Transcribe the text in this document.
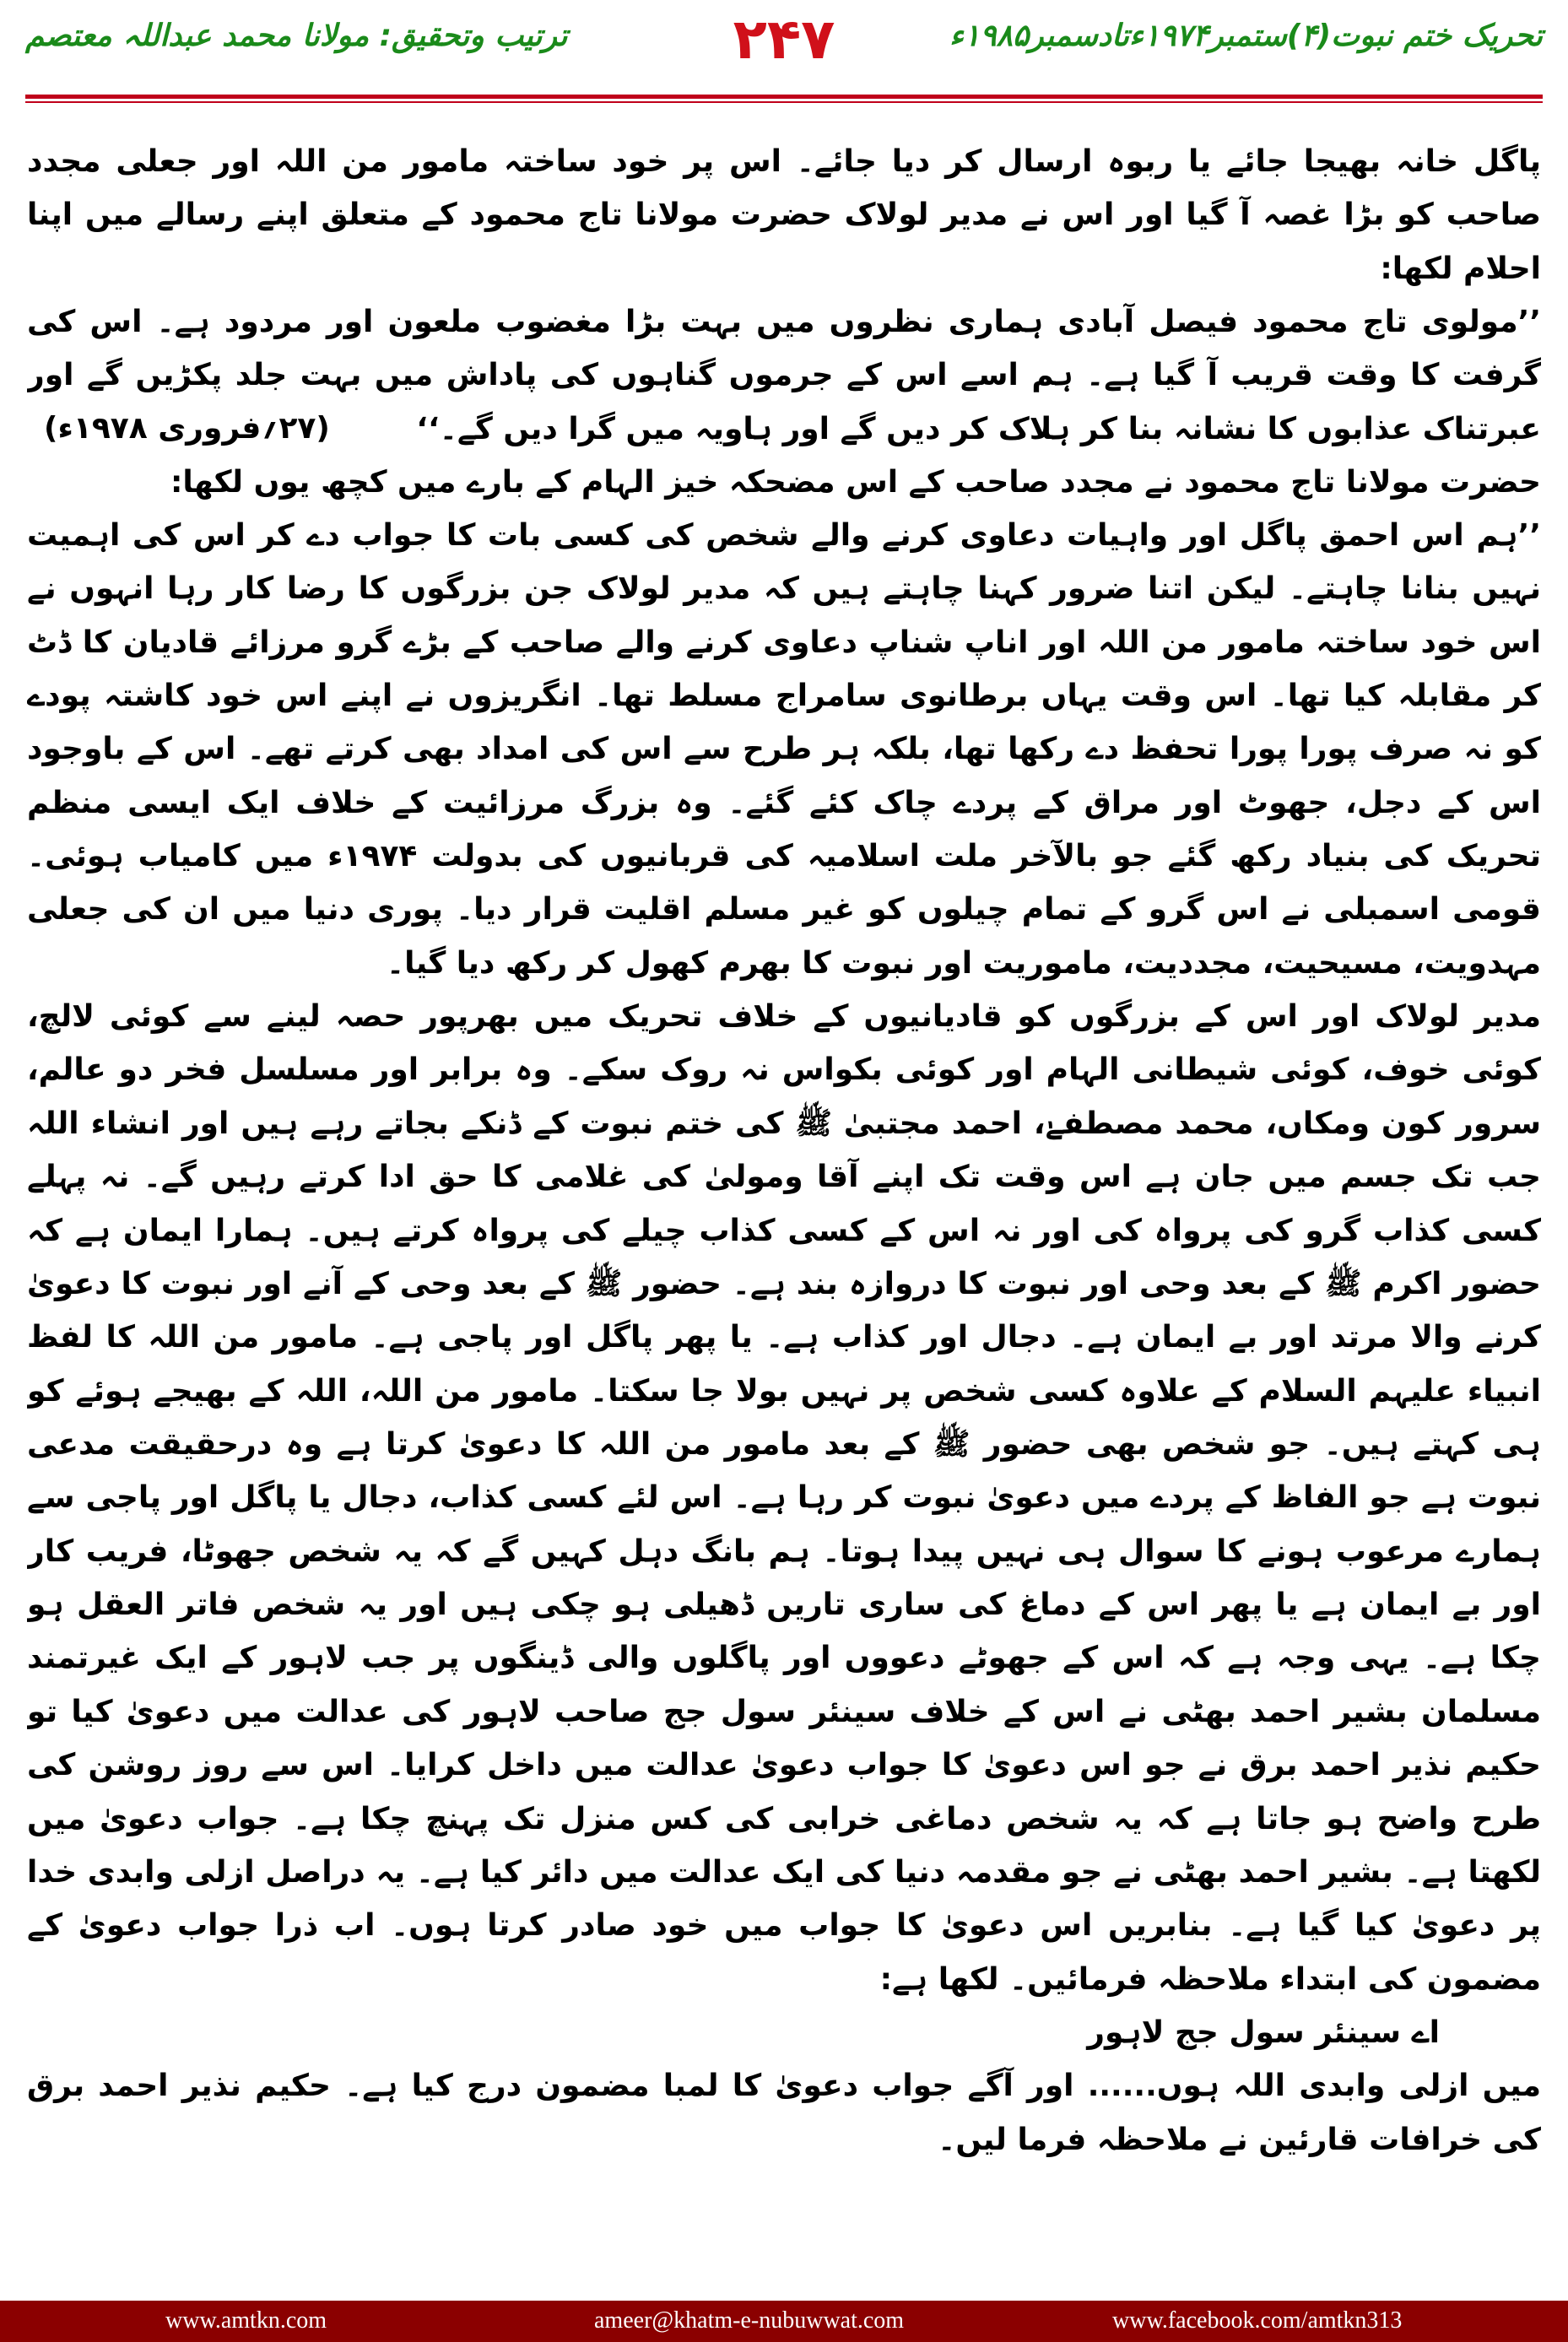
تحریک ختم نبوت(۴)ستمبر۱۹۷۴ءتادسمبر۱۹۸۵ء
۲۴۷
ترتیب وتحقیق: مولانا محمد عبداللہ معتصم

پاگل خانہ بھیجا جائے یا ربوہ ارسال کر دیا جائے۔ اس پر خود ساختہ مامور من اللہ اور جعلی مجدد صاحب کو بڑا غصہ آ گیا اور اس نے مدیر لولاک حضرت مولانا تاج محمود کے متعلق اپنے رسالے میں اپنا احلام لکھا:

’’مولوی تاج محمود فیصل آبادی ہماری نظروں میں بہت بڑا مغضوب ملعون اور مردود ہے۔ اس کی گرفت کا وقت قریب آ گیا ہے۔ ہم اسے اس کے جرموں گناہوں کی پاداش میں بہت جلد پکڑیں گے اور عبرتناک عذابوں کا نشانہ بنا کر ہلاک کر دیں گے اور ہاویہ میں گرا دیں گے۔‘‘

(۲۷؍فروری ۱۹۷۸ء)

حضرت مولانا تاج محمود نے مجدد صاحب کے اس مضحکہ خیز الہام کے بارے میں کچھ یوں لکھا:

’’ہم اس احمق پاگل اور واہیات دعاوی کرنے والے شخص کی کسی بات کا جواب دے کر اس کی اہمیت نہیں بنانا چاہتے۔ لیکن اتنا ضرور کہنا چاہتے ہیں کہ مدیر لولاک جن بزرگوں کا رضا کار رہا انہوں نے اس خود ساختہ مامور من اللہ اور اناپ شناپ دعاوی کرنے والے صاحب کے بڑے گرو مرزائے قادیان کا ڈٹ کر مقابلہ کیا تھا۔ اس وقت یہاں برطانوی سامراج مسلط تھا۔ انگریزوں نے اپنے اس خود کاشتہ پودے کو نہ صرف پورا پورا تحفظ دے رکھا تھا، بلکہ ہر طرح سے اس کی امداد بھی کرتے تھے۔ اس کے باوجود اس کے دجل، جھوٹ اور مراق کے پردے چاک کئے گئے۔ وہ بزرگ مرزائیت کے خلاف ایک ایسی منظم تحریک کی بنیاد رکھ گئے جو بالآخر ملت اسلامیہ کی قربانیوں کی بدولت ۱۹۷۴ء میں کامیاب ہوئی۔ قومی اسمبلی نے اس گرو کے تمام چیلوں کو غیر مسلم اقلیت قرار دیا۔ پوری دنیا میں ان کی جعلی مہدویت، مسیحیت، مجددیت، ماموریت اور نبوت کا بھرم کھول کر رکھ دیا گیا۔

مدیر لولاک اور اس کے بزرگوں کو قادیانیوں کے خلاف تحریک میں بھرپور حصہ لینے سے کوئی لالچ، کوئی خوف، کوئی شیطانی الہام اور کوئی بکواس نہ روک سکے۔ وہ برابر اور مسلسل فخر دو عالم، سرور کون ومکاں، محمد مصطفےٰ، احمد مجتبیٰ ﷺ کی ختم نبوت کے ڈنکے بجاتے رہے ہیں اور انشاء اللہ جب تک جسم میں جان ہے اس وقت تک اپنے آقا ومولیٰ کی غلامی کا حق ادا کرتے رہیں گے۔ نہ پہلے کسی کذاب گرو کی پرواہ کی اور نہ اس کے کسی کذاب چیلے کی پرواہ کرتے ہیں۔ ہمارا ایمان ہے کہ حضور اکرم ﷺ کے بعد وحی اور نبوت کا دروازہ بند ہے۔ حضور ﷺ کے بعد وحی کے آنے اور نبوت کا دعویٰ کرنے والا مرتد اور بے ایمان ہے۔ دجال اور کذاب ہے۔ یا پھر پاگل اور پاجی ہے۔ مامور من اللہ کا لفظ انبیاء علیہم السلام کے علاوہ کسی شخص پر نہیں بولا جا سکتا۔ مامور من اللہ، اللہ کے بھیجے ہوئے کو ہی کہتے ہیں۔ جو شخص بھی حضور ﷺ کے بعد مامور من اللہ کا دعویٰ کرتا ہے وہ درحقیقت مدعی نبوت ہے جو الفاظ کے پردے میں دعویٰ نبوت کر رہا ہے۔ اس لئے کسی کذاب، دجال یا پاگل اور پاجی سے ہمارے مرعوب ہونے کا سوال ہی نہیں پیدا ہوتا۔ ہم بانگ دہل کہیں گے کہ یہ شخص جھوٹا، فریب کار اور بے ایمان ہے یا پھر اس کے دماغ کی ساری تاریں ڈھیلی ہو چکی ہیں اور یہ شخص فاتر العقل ہو چکا ہے۔ یہی وجہ ہے کہ اس کے جھوٹے دعووں اور پاگلوں والی ڈینگوں پر جب لاہور کے ایک غیرتمند مسلمان بشیر احمد بھٹی نے اس کے خلاف سینئر سول جج صاحب لاہور کی عدالت میں دعویٰ کیا تو حکیم نذیر احمد برق نے جو اس دعویٰ کا جواب دعویٰ عدالت میں داخل کرایا۔ اس سے روز روشن کی طرح واضح ہو جاتا ہے کہ یہ شخص دماغی خرابی کی کس منزل تک پہنچ چکا ہے۔ جواب دعویٰ میں لکھتا ہے۔ بشیر احمد بھٹی نے جو مقدمہ دنیا کی ایک عدالت میں دائر کیا ہے۔ یہ دراصل ازلی وابدی خدا پر دعویٰ کیا گیا ہے۔ بنابریں اس دعویٰ کا جواب میں خود صادر کرتا ہوں۔ اب ذرا جواب دعویٰ کے مضمون کی ابتداء ملاحظہ فرمائیں۔ لکھا ہے:

اے سینئر سول جج لاہور

میں ازلی وابدی اللہ ہوں...... اور آگے جواب دعویٰ کا لمبا مضمون درج کیا ہے۔ حکیم نذیر احمد برق کی خرافات قارئین نے ملاحظہ فرما لیں۔

www.amtkn.com	ameer@khatm-e-nubuwwat.com	www.facebook.com/amtkn313
